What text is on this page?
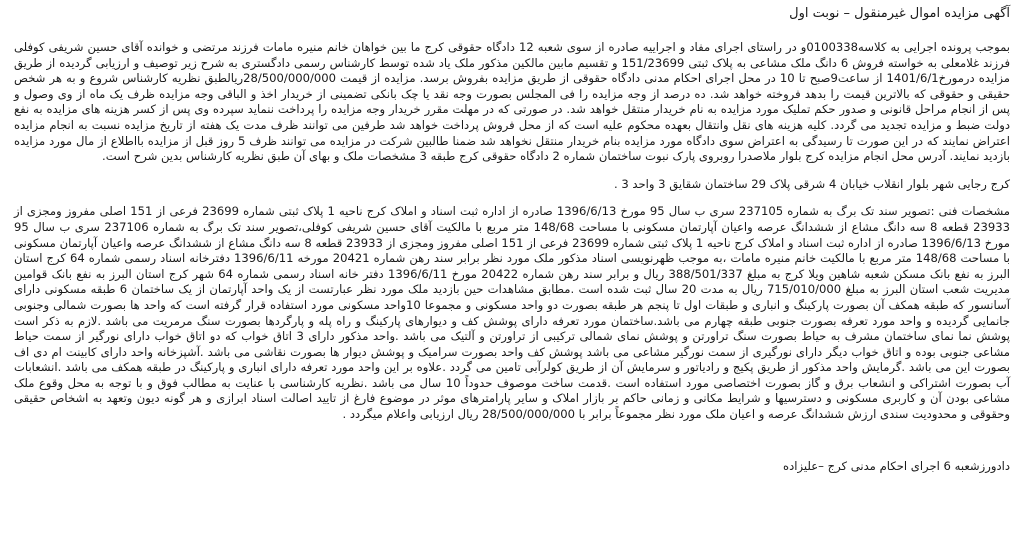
آگهی مزایده اموال غیرمنقول – نوبت اول

بموجب پرونده اجرایی به کلاسه0100338و در راستای اجرای مفاد و اجراییه صادره از سوی شعبه 12 دادگاه حقوقی کرج ما بین خواهان خانم منیره مامات فرزند مرتضی و خوانده آقای حسین شریفی کوفلی فرزند غلامعلی به خواسته فروش 6 دانگ ملک مشاعی به پلاک ثبتی 151/23699 و تقسیم مابین مالکین مذکور ملک یاد شده توسط کارشناس رسمی دادگستری به شرح زیر توصیف و ارزیابی گردیده از طریق مزایده درمورخ1401/6/1 از ساعت9صبح تا 10 در محل اجرای احکام مدنی دادگاه حقوقی از طریق مزایده بفروش برسد. مزایده از قیمت 28/500/000/000ریالطبق نظریه کارشناس شروع و به هر شخص حقیقی و حقوقی که بالاترین قیمت را بدهد فروخته خواهد شد. ده درصد از وجه مزایده را فی المجلس بصورت وجه نقد یا چک بانکی تضمینی از خریدار اخذ و الباقی وجه مزایده ظرف یک ماه از وی وصول و پس از انجام مراحل قانونی و صدور حکم تملیک مورد مزایده به نام خریدار منتقل خواهد شد. در صورتی که در مهلت مقرر خریدار وجه مزایده را پرداخت ننماید سپرده وی پس از کسر هزینه های مزایده به نفع دولت ضبط و مزایده تجدید می گردد. کلیه هزینه های نقل وانتقال بعهده محکوم علیه است که از محل فروش پرداخت خواهد شد طرفین می توانند ظرف مدت یک هفته از تاریخ مزایده نسبت به انجام مزایده اعتراض نمایند که در این صورت تا رسیدگی به اعتراض سوی دادگاه مورد مزایده بنام خریدار منتقل نخواهد شد ضمنا طالبین شرکت در مزایده می توانند ظرف 5 روز قبل از مزایده بااطلاع از مال مورد مزایده بازدید نمایند. آدرس محل انجام مزایده کرج بلوار ملاصدرا روبروی پارک نبوت ساختمان شماره 2 دادگاه حقوقی کرج طبقه 3 مشخصات ملک و بهای آن طبق نظریه کارشناس بدین شرح است.

کرج رجایی شهر بلوار انقلاب خیابان 4 شرقی پلاک 29 ساختمان شقایق 3 واحد 3 .

مشخصات فنی :تصویر سند تک برگ به شماره 237105 سری ب سال 95 مورخ 1396/6/13 صادره از اداره ثبت اسناد و املاک کرج ناحیه 1 پلاک ثبتی شماره 23699 فرعی از 151 اصلی مفروز ومجزی از 23933 قطعه 8 سه دانگ مشاع از ششدانگ عرصه واعیان آپارتمان مسکونی با مساحت 148/68 متر مربع با مالکیت آقای حسین شریفی کوفلی،تصویر سند تک برگ به شماره 237106 سری ب سال 95 مورخ 1396/6/13 صادره از اداره ثبت اسناد و املاک کرج ناحیه 1 پلاک ثبتی شماره 23699 فرعی از 151 اصلی مفروز ومجزی از 23933 قطعه 8 سه دانگ مشاع از ششدانگ عرصه واعیان آپارتمان مسکونی با مساحت 148/68 متر مربع با مالکیت خانم منیره مامات ،به موجب ظهرنویسی اسناد مذکور ملک مورد نظر برابر سند رهن شماره 20421 مورخه 1396/6/11 دفترخانه اسناد رسمی شماره 64 کرج استان البرز به نفع بانک مسکن شعبه شاهین ویلا کرج به مبلغ 388/501/337 ریال و برابر سند رهن شماره 20422 مورخ 1396/6/11 دفتر خانه اسناد رسمی شماره 64 شهر کرج استان البرز به نفع بانک قوامین مدیریت شعب استان البرز به مبلغ 715/010/000 ریال به مدت 20 سال ثبت شده است .مطابق مشاهدات حین بازدید ملک مورد نظر عبارتست از یک واحد آپارتمان از یک ساختمان 6 طبقه مسکونی دارای آسانسور که طبقه همکف آن بصورت پارکینگ و انباری و طبقات اول تا پنجم هر طبقه بصورت دو واحد مسکونی و مجموعا 10واحد مسکونی مورد استفاده قرار گرفته است که واحد ها بصورت شمالی وجنوبی جانمایی گردیده و واحد مورد تعرفه بصورت جنوبی طبقه چهارم می باشد.ساختمان مورد تعرفه دارای پوشش کف و دیوارهای پارکینگ و راه پله و پارگردها بصورت سنگ مرمریت می باشد .لازم به ذکر است پوشش نما نمای ساختمان مشرف به حیاط بصورت سنگ تراورتن و پوشش نمای شمالی ترکیبی از تراورتن و آلتیک می باشد .واحد مذکور دارای 3 اتاق خواب که دو اتاق خواب دارای نورگیر از سمت حیاط مشاعی جنوبی بوده و اتاق خواب دیگر دارای نورگیری از سمت نورگیر مشاعی می باشد پوشش کف واحد بصورت سرامیک و پوشش دیوار ها بصورت نقاشی می باشد .آشپزخانه واحد دارای کابینت ام دی اف بصورت این می باشد .گرمایش واحد مذکور از طریق پکیج و رادیاتور و سرمایش آن از طریق کولرآبی تامین می گردد .علاوه بر این واحد مورد تعرفه دارای انباری و پارکینگ در طبقه همکف می باشد .انشعابات آب بصورت اشتراکی و انشعاب برق و گاز بصورت اختصاصی مورد استفاده است .قدمت ساخت موصوف حدوداً 10 سال می باشد .نظریه کارشناسی با عنایت به مطالب فوق و با توجه به محل وقوع ملک مشاعی بودن آن و کاربری مسکونی و دسترسیها و شرایط مکانی و زمانی حاکم بر بازار املاک و سایر پارامترهای موثر در موضوع فارغ از تایید اصالت اسناد ابرازی و هر گونه دیون وتعهد به اشخاص حقیقی وحقوقی و محدودیت سندی ارزش ششدانگ عرصه و اعیان ملک مورد نظر مجموعاً برابر با 28/500/000/000 ریال ارزیابی واعلام میگردد .

دادورزشعبه 6 اجرای احکام مدنی کرج –علیزاده
